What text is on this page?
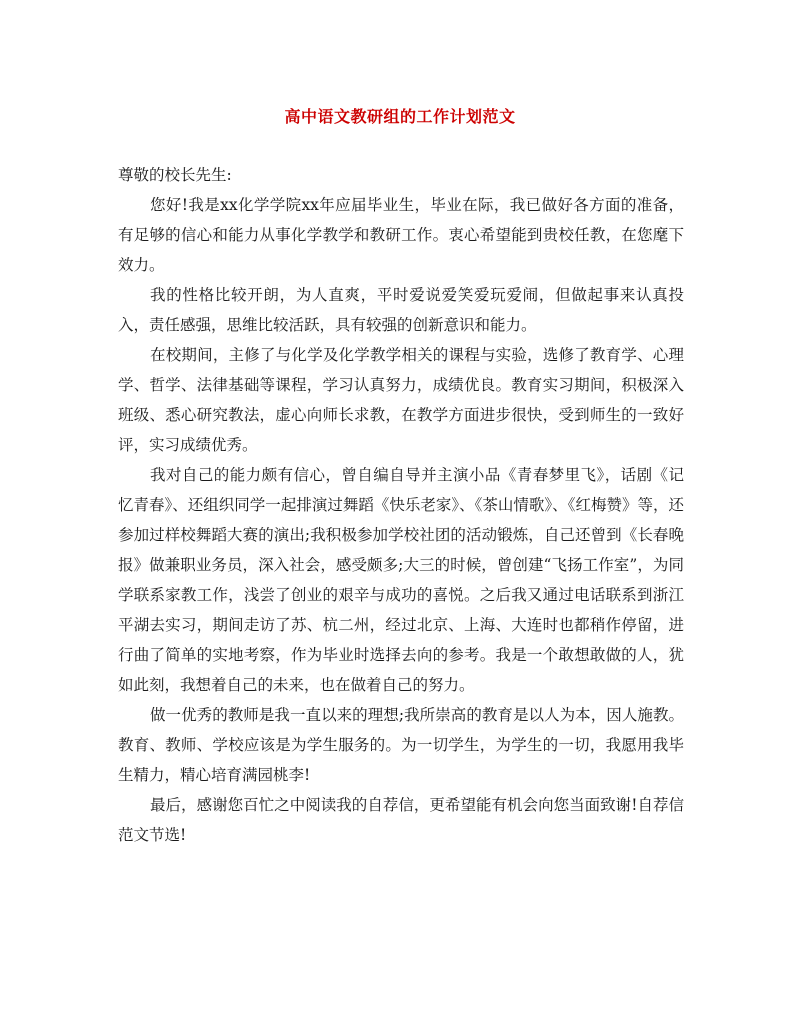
高中语文教研组的工作计划范文

尊敬的校长先生:

您好!我是xx化学学院xx年应届毕业生，毕业在际，我已做好各方面的准备，有足够的信心和能力从事化学教学和教研工作。衷心希望能到贵校任教，在您麾下效力。

我的性格比较开朗，为人直爽，平时爱说爱笑爱玩爱闹，但做起事来认真投入，责任感强，思维比较活跃，具有较强的创新意识和能力。

在校期间，主修了与化学及化学教学相关的课程与实验，选修了教育学、心理学、哲学、法律基础等课程，学习认真努力，成绩优良。教育实习期间，积极深入班级、悉心研究教法，虚心向师长求教，在教学方面进步很快，受到师生的一致好评，实习成绩优秀。

我对自己的能力颇有信心，曾自编自导并主演小品《青春梦里飞》，话剧《记忆青春》、还组织同学一起排演过舞蹈《快乐老家》、《茶山情歌》、《红梅赞》等，还参加过样校舞蹈大赛的演出;我积极参加学校社团的活动锻炼，自己还曾到《长春晚报》做兼职业务员，深入社会，感受颇多;大三的时候，曾创建“飞扬工作室”，为同学联系家教工作，浅尝了创业的艰辛与成功的喜悦。之后我又通过电话联系到浙江平湖去实习，期间走访了苏、杭二州，经过北京、上海、大连时也都稍作停留，进行曲了简单的实地考察，作为毕业时选择去向的参考。我是一个敢想敢做的人，犹如此刻，我想着自己的未来，也在做着自己的努力。

做一优秀的教师是我一直以来的理想;我所崇高的教育是以人为本，因人施教。教育、教师、学校应该是为学生服务的。为一切学生，为学生的一切，我愿用我毕生精力，精心培育满园桃李!

最后，感谢您百忙之中阅读我的自荐信，更希望能有机会向您当面致谢!自荐信范文节选!
